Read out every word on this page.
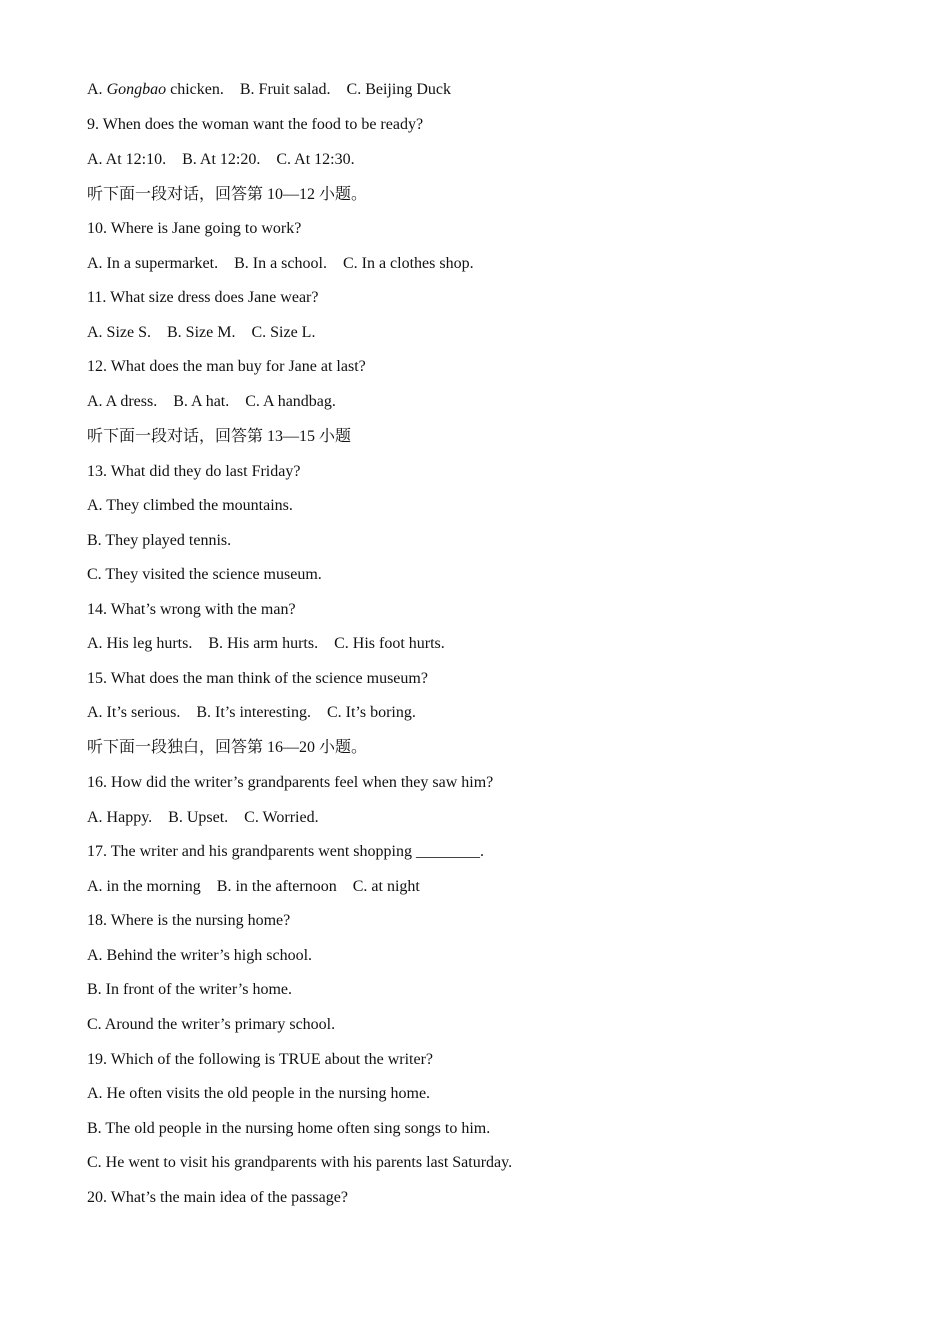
A. Gongbao chicken.    B. Fruit salad.    C. Beijing Duck
9. When does the woman want the food to be ready?
A. At 12:10.    B. At 12:20.    C. At 12:30.
听下面一段对话，回答第 10—12 小题。
10. Where is Jane going to work?
A. In a supermarket.    B. In a school.    C. In a clothes shop.
11. What size dress does Jane wear?
A. Size S.    B. Size M.    C. Size L.
12. What does the man buy for Jane at last?
A. A dress.    B. A hat.    C. A handbag.
听下面一段对话，回答第 13—15 小题
13. What did they do last Friday?
A. They climbed the mountains.
B. They played tennis.
C. They visited the science museum.
14. What’s wrong with the man?
A. His leg hurts.    B. His arm hurts.    C. His foot hurts.
15. What does the man think of the science museum?
A. It’s serious.    B. It’s interesting.    C. It’s boring.
听下面一段独白，回答第 16—20 小题。
16. How did the writer’s grandparents feel when they saw him?
A. Happy.    B. Upset.    C. Worried.
17. The writer and his grandparents went shopping ________.
A. in the morning    B. in the afternoon    C. at night
18. Where is the nursing home?
A. Behind the writer’s high school.
B. In front of the writer’s home.
C. Around the writer’s primary school.
19. Which of the following is TRUE about the writer?
A. He often visits the old people in the nursing home.
B. The old people in the nursing home often sing songs to him.
C. He went to visit his grandparents with his parents last Saturday.
20. What’s the main idea of the passage?
